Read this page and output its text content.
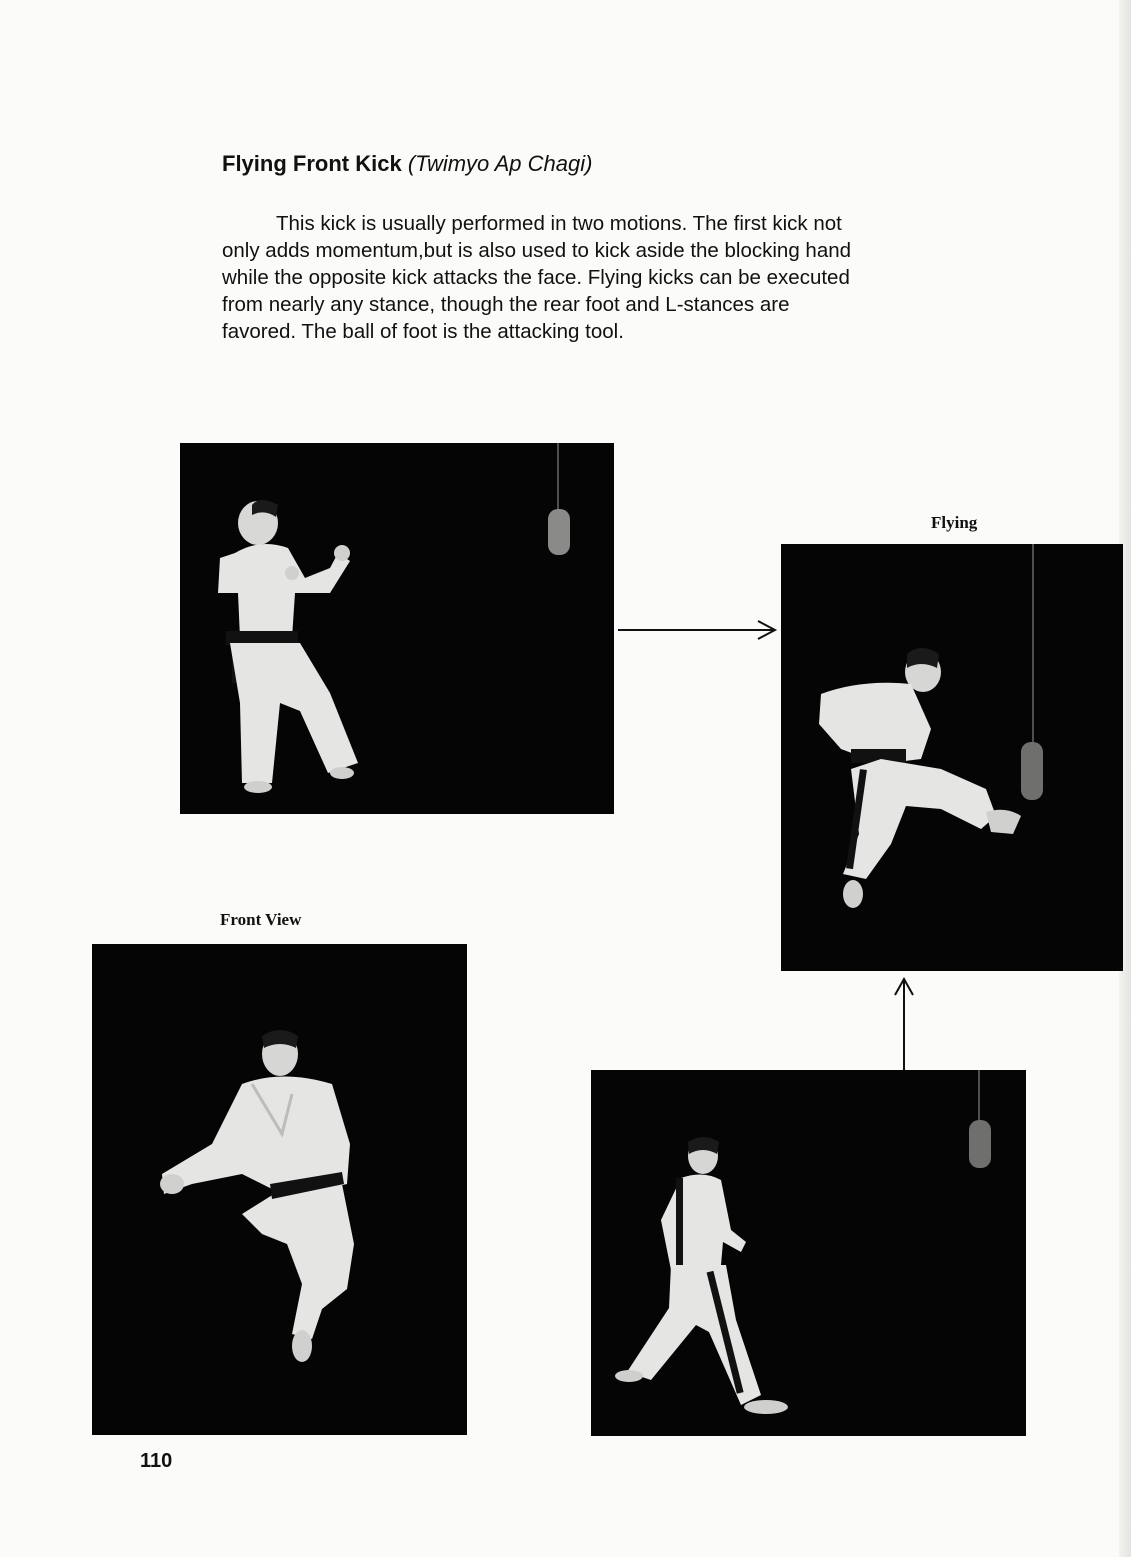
Flying Front Kick (Twimyo Ap Chagi)

This kick is usually performed in two motions. The first kick not
only adds momentum,but is also used to kick aside the blocking hand
while the opposite kick attacks the face. Flying kicks can be executed
from nearly any stance, though the rear foot and L-stances are
favored. The ball of foot is the attacking tool.

Flying
Front View
110
